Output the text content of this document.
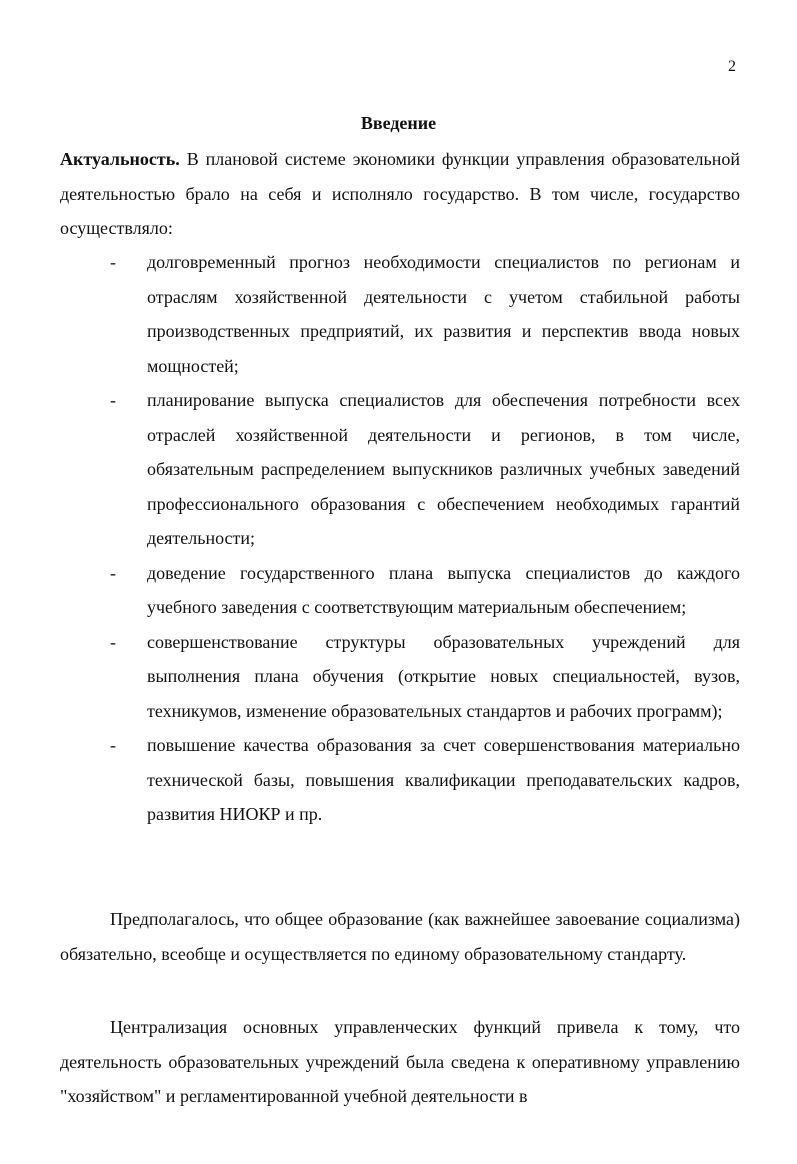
2
Введение
Актуальность. В плановой системе экономики функции управления образовательной деятельностью брало на себя и исполняло государство. В том числе, государство осуществляло:
- долговременный прогноз необходимости специалистов по регионам и отраслям хозяйственной деятельности с учетом стабильной работы производственных предприятий, их развития и перспектив ввода новых мощностей;
- планирование выпуска специалистов для обеспечения потребности всех отраслей хозяйственной деятельности и регионов, в том числе, обязательным распределением выпускников различных учебных заведений профессионального образования с обеспечением необходимых гарантий деятельности;
- доведение государственного плана выпуска специалистов до каждого учебного заведения с соответствующим материальным обеспечением;
- совершенствование структуры образовательных учреждений для выполнения плана обучения (открытие новых специальностей, вузов, техникумов, изменение образовательных стандартов и рабочих программ);
- повышение качества образования за счет совершенствования материально технической базы, повышения квалификации преподавательских кадров, развития НИОКР и пр.
Предполагалось, что общее образование (как важнейшее завоевание социализма) обязательно, всеобще и осуществляется по единому образовательному стандарту.
Централизация основных управленческих функций привела к тому, что деятельность образовательных учреждений была сведена к оперативному управлению "хозяйством" и регламентированной учебной деятельности в
